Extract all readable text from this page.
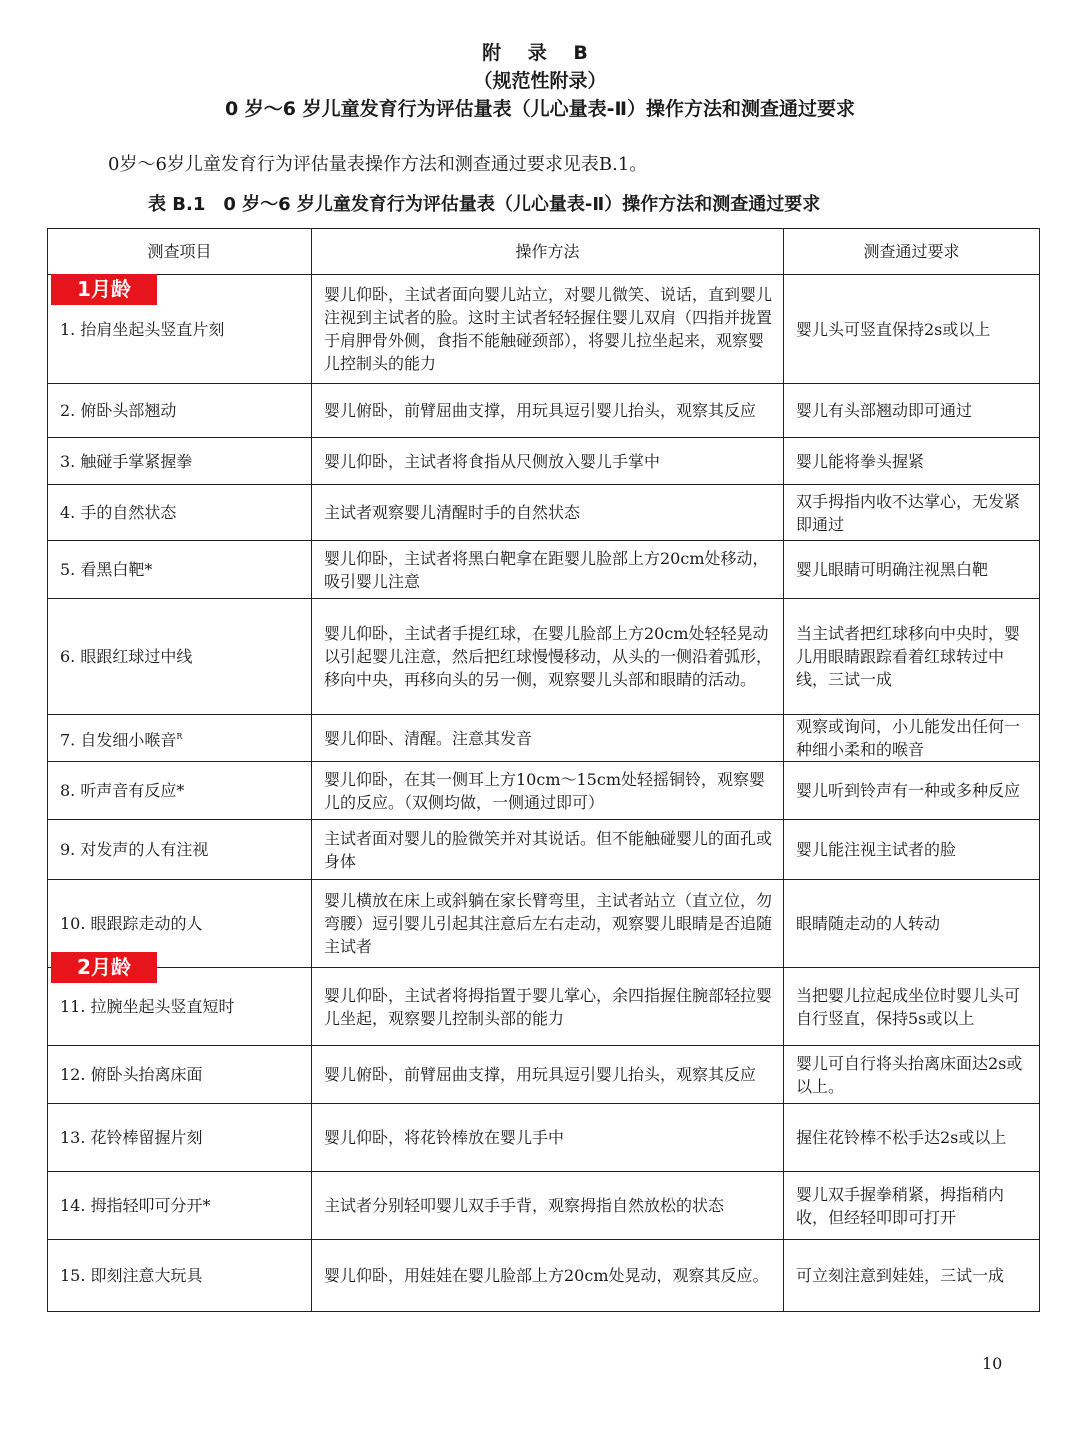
附 录 B
（规范性附录）
0 岁～6 岁儿童发育行为评估量表（儿心量表-Ⅱ）操作方法和测查通过要求
0岁～6岁儿童发育行为评估量表操作方法和测查通过要求见表B.1。
表 B.1　0 岁～6 岁儿童发育行为评估量表（儿心量表-Ⅱ）操作方法和测查通过要求
测查项目	操作方法	测查通过要求

1月龄
1. 抬肩坐起头竖直片刻	婴儿仰卧，主试者面向婴儿站立，对婴儿微笑、说话，直到婴儿注视到主试者的脸。这时主试者轻轻握住婴儿双肩（四指并拢置于肩胛骨外侧，食指不能触碰颈部），将婴儿拉坐起来，观察婴儿控制头的能力	婴儿头可竖直保持2s或以上
2. 俯卧头部翘动	婴儿俯卧，前臂屈曲支撑，用玩具逗引婴儿抬头，观察其反应	婴儿有头部翘动即可通过
3. 触碰手掌紧握拳	婴儿仰卧，主试者将食指从尺侧放入婴儿手掌中	婴儿能将拳头握紧
4. 手的自然状态	主试者观察婴儿清醒时手的自然状态	双手拇指内收不达掌心，无发紧即通过
5. 看黑白靶*	婴儿仰卧，主试者将黑白靶拿在距婴儿脸部上方20cm处移动，吸引婴儿注意	婴儿眼睛可明确注视黑白靶
6. 眼跟红球过中线	婴儿仰卧，主试者手提红球，在婴儿脸部上方20cm处轻轻晃动以引起婴儿注意，然后把红球慢慢移动，从头的一侧沿着弧形，移向中央，再移向头的另一侧，观察婴儿头部和眼睛的活动。	当主试者把红球移向中央时，婴儿用眼睛跟踪看着红球转过中线，三试一成
7. 自发细小喉音$^R$	婴儿仰卧、清醒。注意其发音	观察或询问，小儿能发出任何一种细小柔和的喉音
8. 听声音有反应*	婴儿仰卧，在其一侧耳上方10cm～15cm处轻摇铜铃，观察婴儿的反应。（双侧均做，一侧通过即可）	婴儿听到铃声有一种或多种反应
9. 对发声的人有注视	主试者面对婴儿的脸微笑并对其说话。但不能触碰婴儿的面孔或身体	婴儿能注视主试者的脸

2月龄
10. 眼跟踪走动的人	婴儿横放在床上或斜躺在家长臂弯里，主试者站立（直立位，勿弯腰）逗引婴儿引起其注意后左右走动，观察婴儿眼睛是否追随主试者	眼睛随走动的人转动
11. 拉腕坐起头竖直短时	婴儿仰卧，主试者将拇指置于婴儿掌心，余四指握住腕部轻拉婴儿坐起，观察婴儿控制头部的能力	当把婴儿拉起成坐位时婴儿头可自行竖直，保持5s或以上
12. 俯卧头抬离床面	婴儿俯卧，前臂屈曲支撑，用玩具逗引婴儿抬头，观察其反应	婴儿可自行将头抬离床面达2s或以上。
13. 花铃棒留握片刻	婴儿仰卧，将花铃棒放在婴儿手中	握住花铃棒不松手达2s或以上
14. 拇指轻叩可分开*	主试者分别轻叩婴儿双手手背，观察拇指自然放松的状态	婴儿双手握拳稍紧，拇指稍内收，但经轻叩即可打开
15. 即刻注意大玩具	婴儿仰卧，用娃娃在婴儿脸部上方20cm处晃动，观察其反应。	可立刻注意到娃娃，三试一成
10
